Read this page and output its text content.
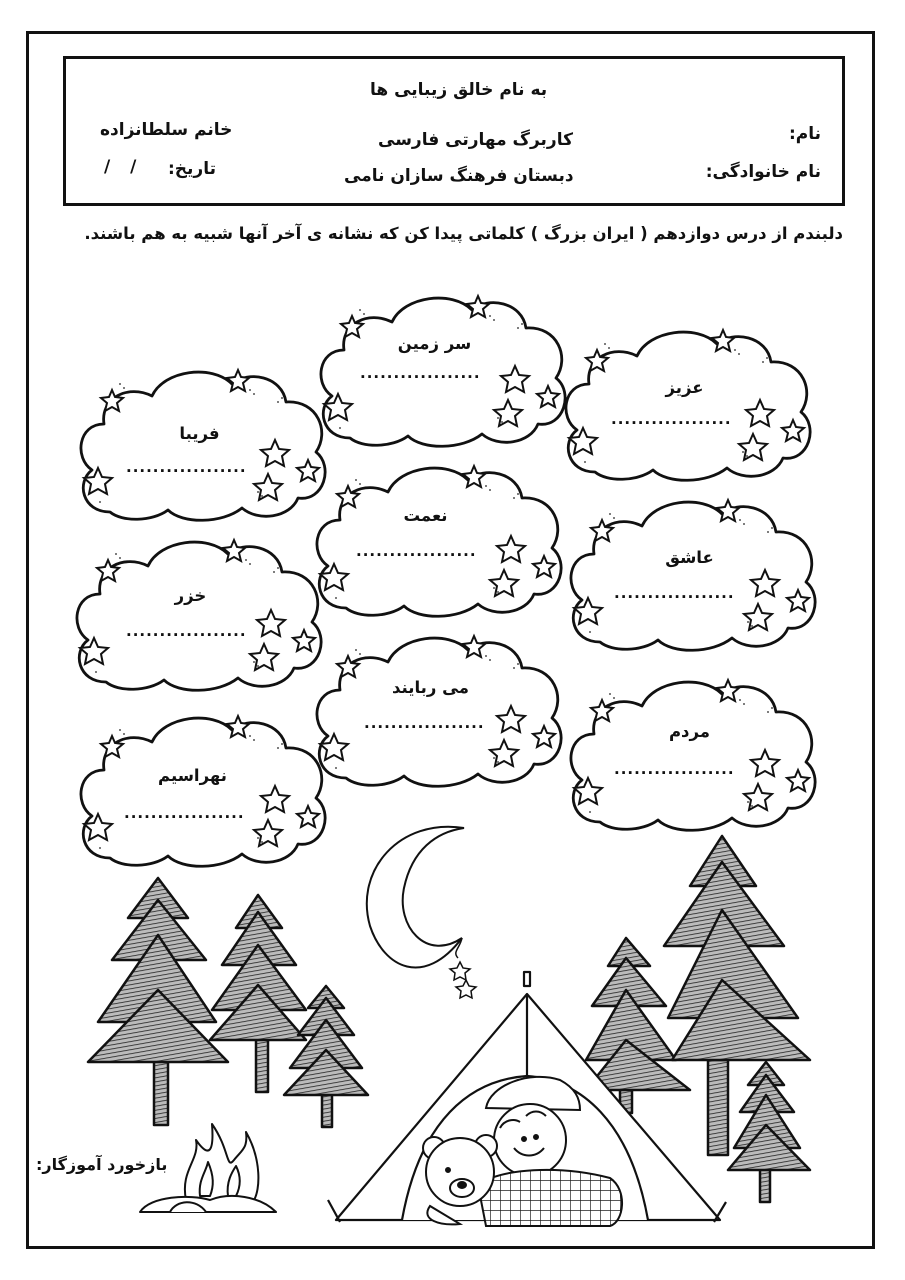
به نام خالق زیبایی ها
کاربرگ مهارتی فارسی
دبستان فرهنگ سازان نامی
خانم سلطانزاده	نام:
نام خانوادگی:
تاریخ:
/ /
دلبندم از درس دوازدهم ( ایران بزرگ ) کلماتی پیدا کن که نشانه ی آخر آنها شبیه به هم باشند.
سر زمین
..................
عزیز
..................
فریبا
..................
نعمت
..................	عاشق
..................
خزر
..................
می ربایند
..................	مردم
..................
نهراسیم
..................
بازخورد آموزگار:
